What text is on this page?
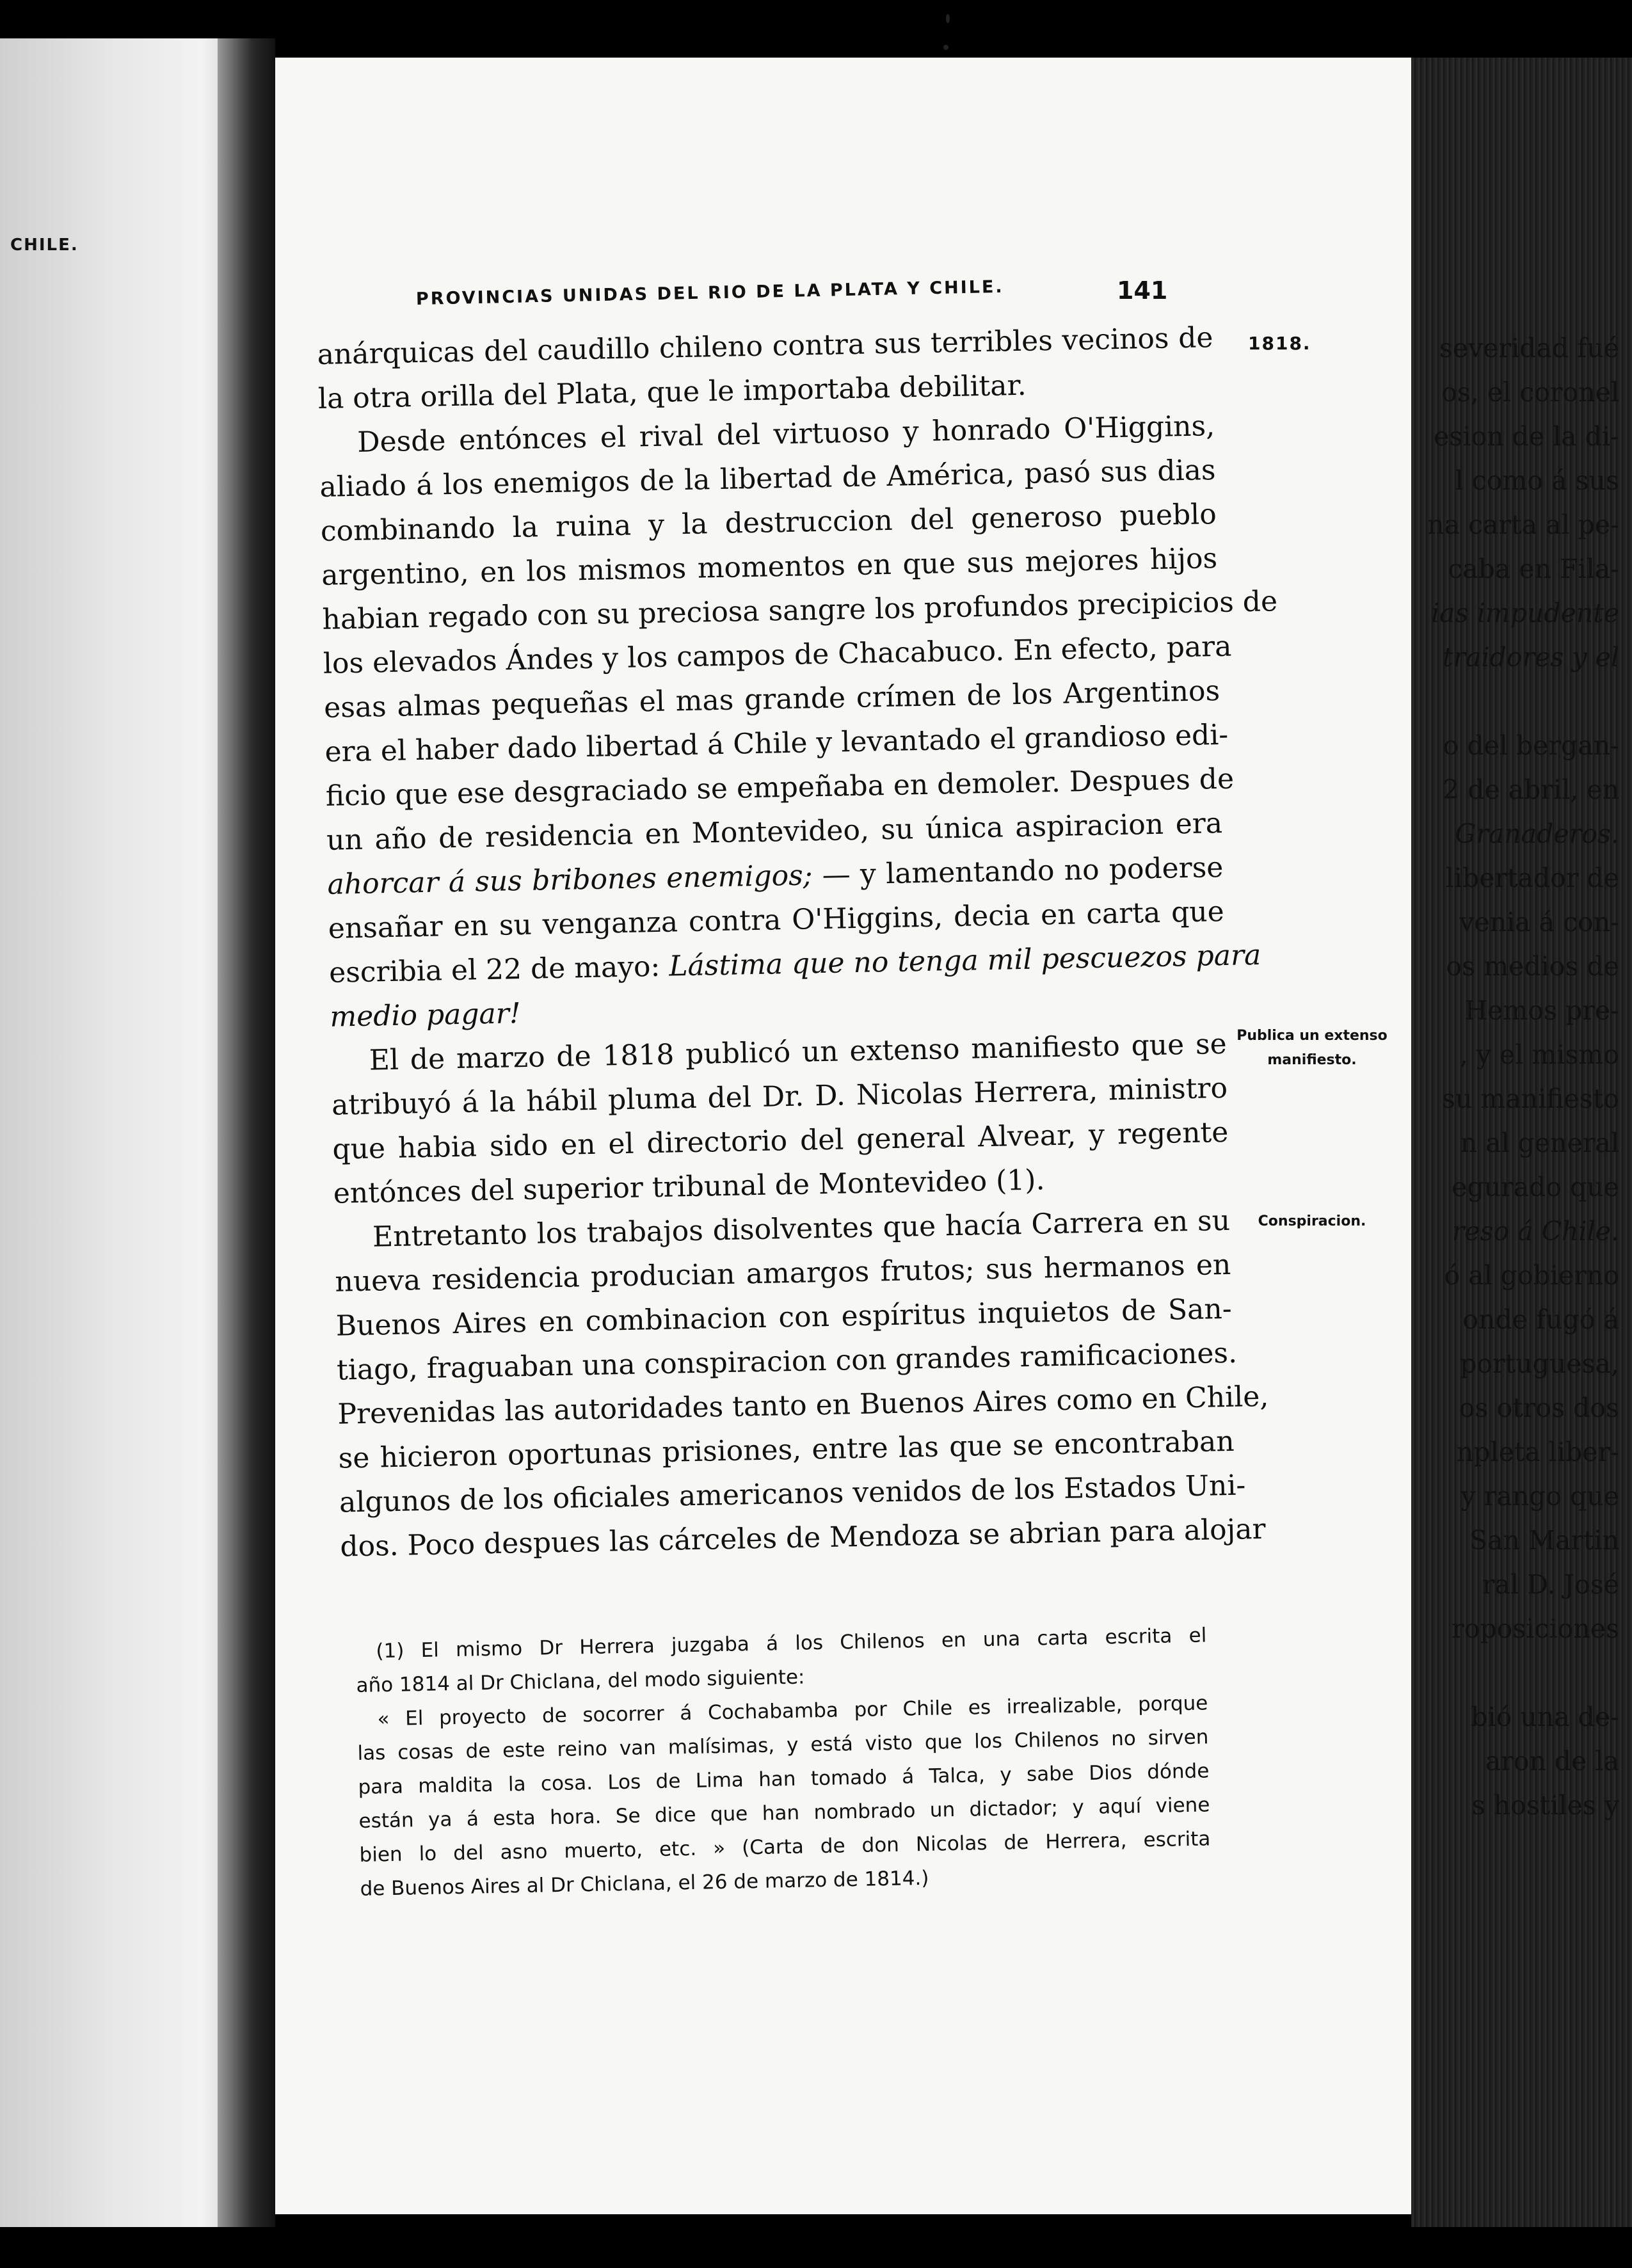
CHILE.
severidad fué
os, el coronel
esion de la di-
l como á sus
na carta al pe-
caba en Fila-
ias impudente
traidores y el
o del bergan-
2 de abril, en
Granaderos.
libertador de
venia á con-
os medios de
Hemos pre-
, y el mismo
su manifiesto
n al general
egurado que
reso á Chile.
ó al gobierno
onde fugó á
portuguesa,
os otros dos
npleta liber-
y rango que
San Martin
ral D. José
roposiciones
bió una de-
aron de la
s hostiles y
PROVINCIAS UNIDAS DEL RIO DE LA PLATA Y CHILE.	141
1818.
Publica un extenso
manifiesto.
Conspiracion.
anárquicas del caudillo chileno contra sus terribles vecinos de
la otra orilla del Plata, que le importaba debilitar.
Desde entónces el rival del virtuoso y honrado O'Higgins,
aliado á los enemigos de la libertad de América, pasó sus dias
combinando la ruina y la destruccion del generoso pueblo
argentino, en los mismos momentos en que sus mejores hijos
habian regado con su preciosa sangre los profundos precipicios de
los elevados Ándes y los campos de Chacabuco. En efecto, para
esas almas pequeñas el mas grande crímen de los Argentinos
era el haber dado libertad á Chile y levantado el grandioso edi-
ficio que ese desgraciado se empeñaba en demoler. Despues de
un año de residencia en Montevideo, su única aspiracion era
ahorcar á sus bribones enemigos; — y lamentando no poderse
ensañar en su venganza contra O'Higgins, decia en carta que
escribia el 22 de mayo: Lástima que no tenga mil pescuezos para
medio pagar!
El de marzo de 1818 publicó un extenso manifiesto que se
atribuyó á la hábil pluma del Dr. D. Nicolas Herrera, ministro
que habia sido en el directorio del general Alvear, y regente
entónces del superior tribunal de Montevideo (1).
Entretanto los trabajos disolventes que hacía Carrera en su
nueva residencia producian amargos frutos; sus hermanos en
Buenos Aires en combinacion con espíritus inquietos de San-
tiago, fraguaban una conspiracion con grandes ramificaciones.
Prevenidas las autoridades tanto en Buenos Aires como en Chile,
se hicieron oportunas prisiones, entre las que se encontraban
algunos de los oficiales americanos venidos de los Estados Uni-
dos. Poco despues las cárceles de Mendoza se abrian para alojar
(1) El mismo Dr Herrera juzgaba á los Chilenos en una carta escrita el
año 1814 al Dr Chiclana, del modo siguiente:
« El proyecto de socorrer á Cochabamba por Chile es irrealizable, porque
las cosas de este reino van malísimas, y está visto que los Chilenos no sirven
para maldita la cosa. Los de Lima han tomado á Talca, y sabe Dios dónde
están ya á esta hora. Se dice que han nombrado un dictador; y aquí viene
bien lo del asno muerto, etc. » (Carta de don Nicolas de Herrera, escrita
de Buenos Aires al Dr Chiclana, el 26 de marzo de 1814.)
